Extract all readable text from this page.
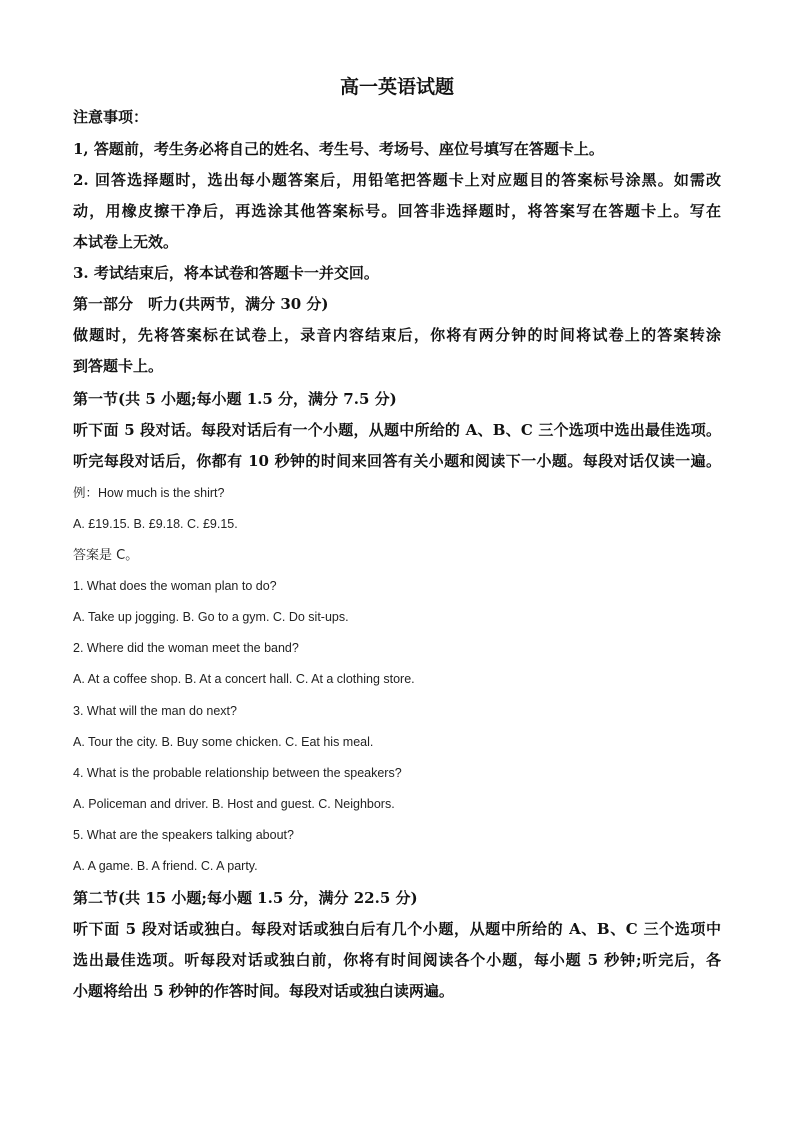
高一英语试题
注意事项：
1, 答题前，考生务必将自己的姓名、考生号、考场号、座位号填写在答题卡上。
2. 回答选择题时，选出每小题答案后，用铅笔把答题卡上对应题目的答案标号涂黑。如需改
动，用橡皮擦干净后，再选涂其他答案标号。回答非选择题时，将答案写在答题卡上。写在
本试卷上无效。
3. 考试结束后，将本试卷和答题卡一并交回。
第一部分　听力(共两节，满分 30 分)
做题时，先将答案标在试卷上，录音内容结束后，你将有两分钟的时间将试卷上的答案转涂
到答题卡上。
第一节(共 5 小题;每小题 1.5 分，满分 7.5 分)
听下面 5 段对话。每段对话后有一个小题，从题中所给的 A、B、C 三个选项中选出最佳选项。
听完每段对话后，你都有 10 秒钟的时间来回答有关小题和阅读下一小题。每段对话仅读一遍。
例：How much is the shirt?
A. £19.15. B. £9.18. C. £9.15.
答案是 C。
1. What does the woman plan to do?
A. Take up jogging. B. Go to a gym. C. Do sit-ups.
2. Where did the woman meet the band?
A. At a coffee shop. B. At a concert hall. C. At a clothing store.
3. What will the man do next?
A. Tour the city. B. Buy some chicken. C. Eat his meal.
4. What is the probable relationship between the speakers?
A. Policeman and driver. B. Host and guest. C. Neighbors.
5. What are the speakers talking about?
A. A game. B. A friend. C. A party.
第二节(共 15 小题;每小题 1.5 分，满分 22.5 分)
听下面 5 段对话或独白。每段对话或独白后有几个小题，从题中所给的 A、B、C 三个选项中
选出最佳选项。听每段对话或独白前，你将有时间阅读各个小题，每小题 5 秒钟;听完后，各
小题将给出 5 秒钟的作答时间。每段对话或独白读两遍。
